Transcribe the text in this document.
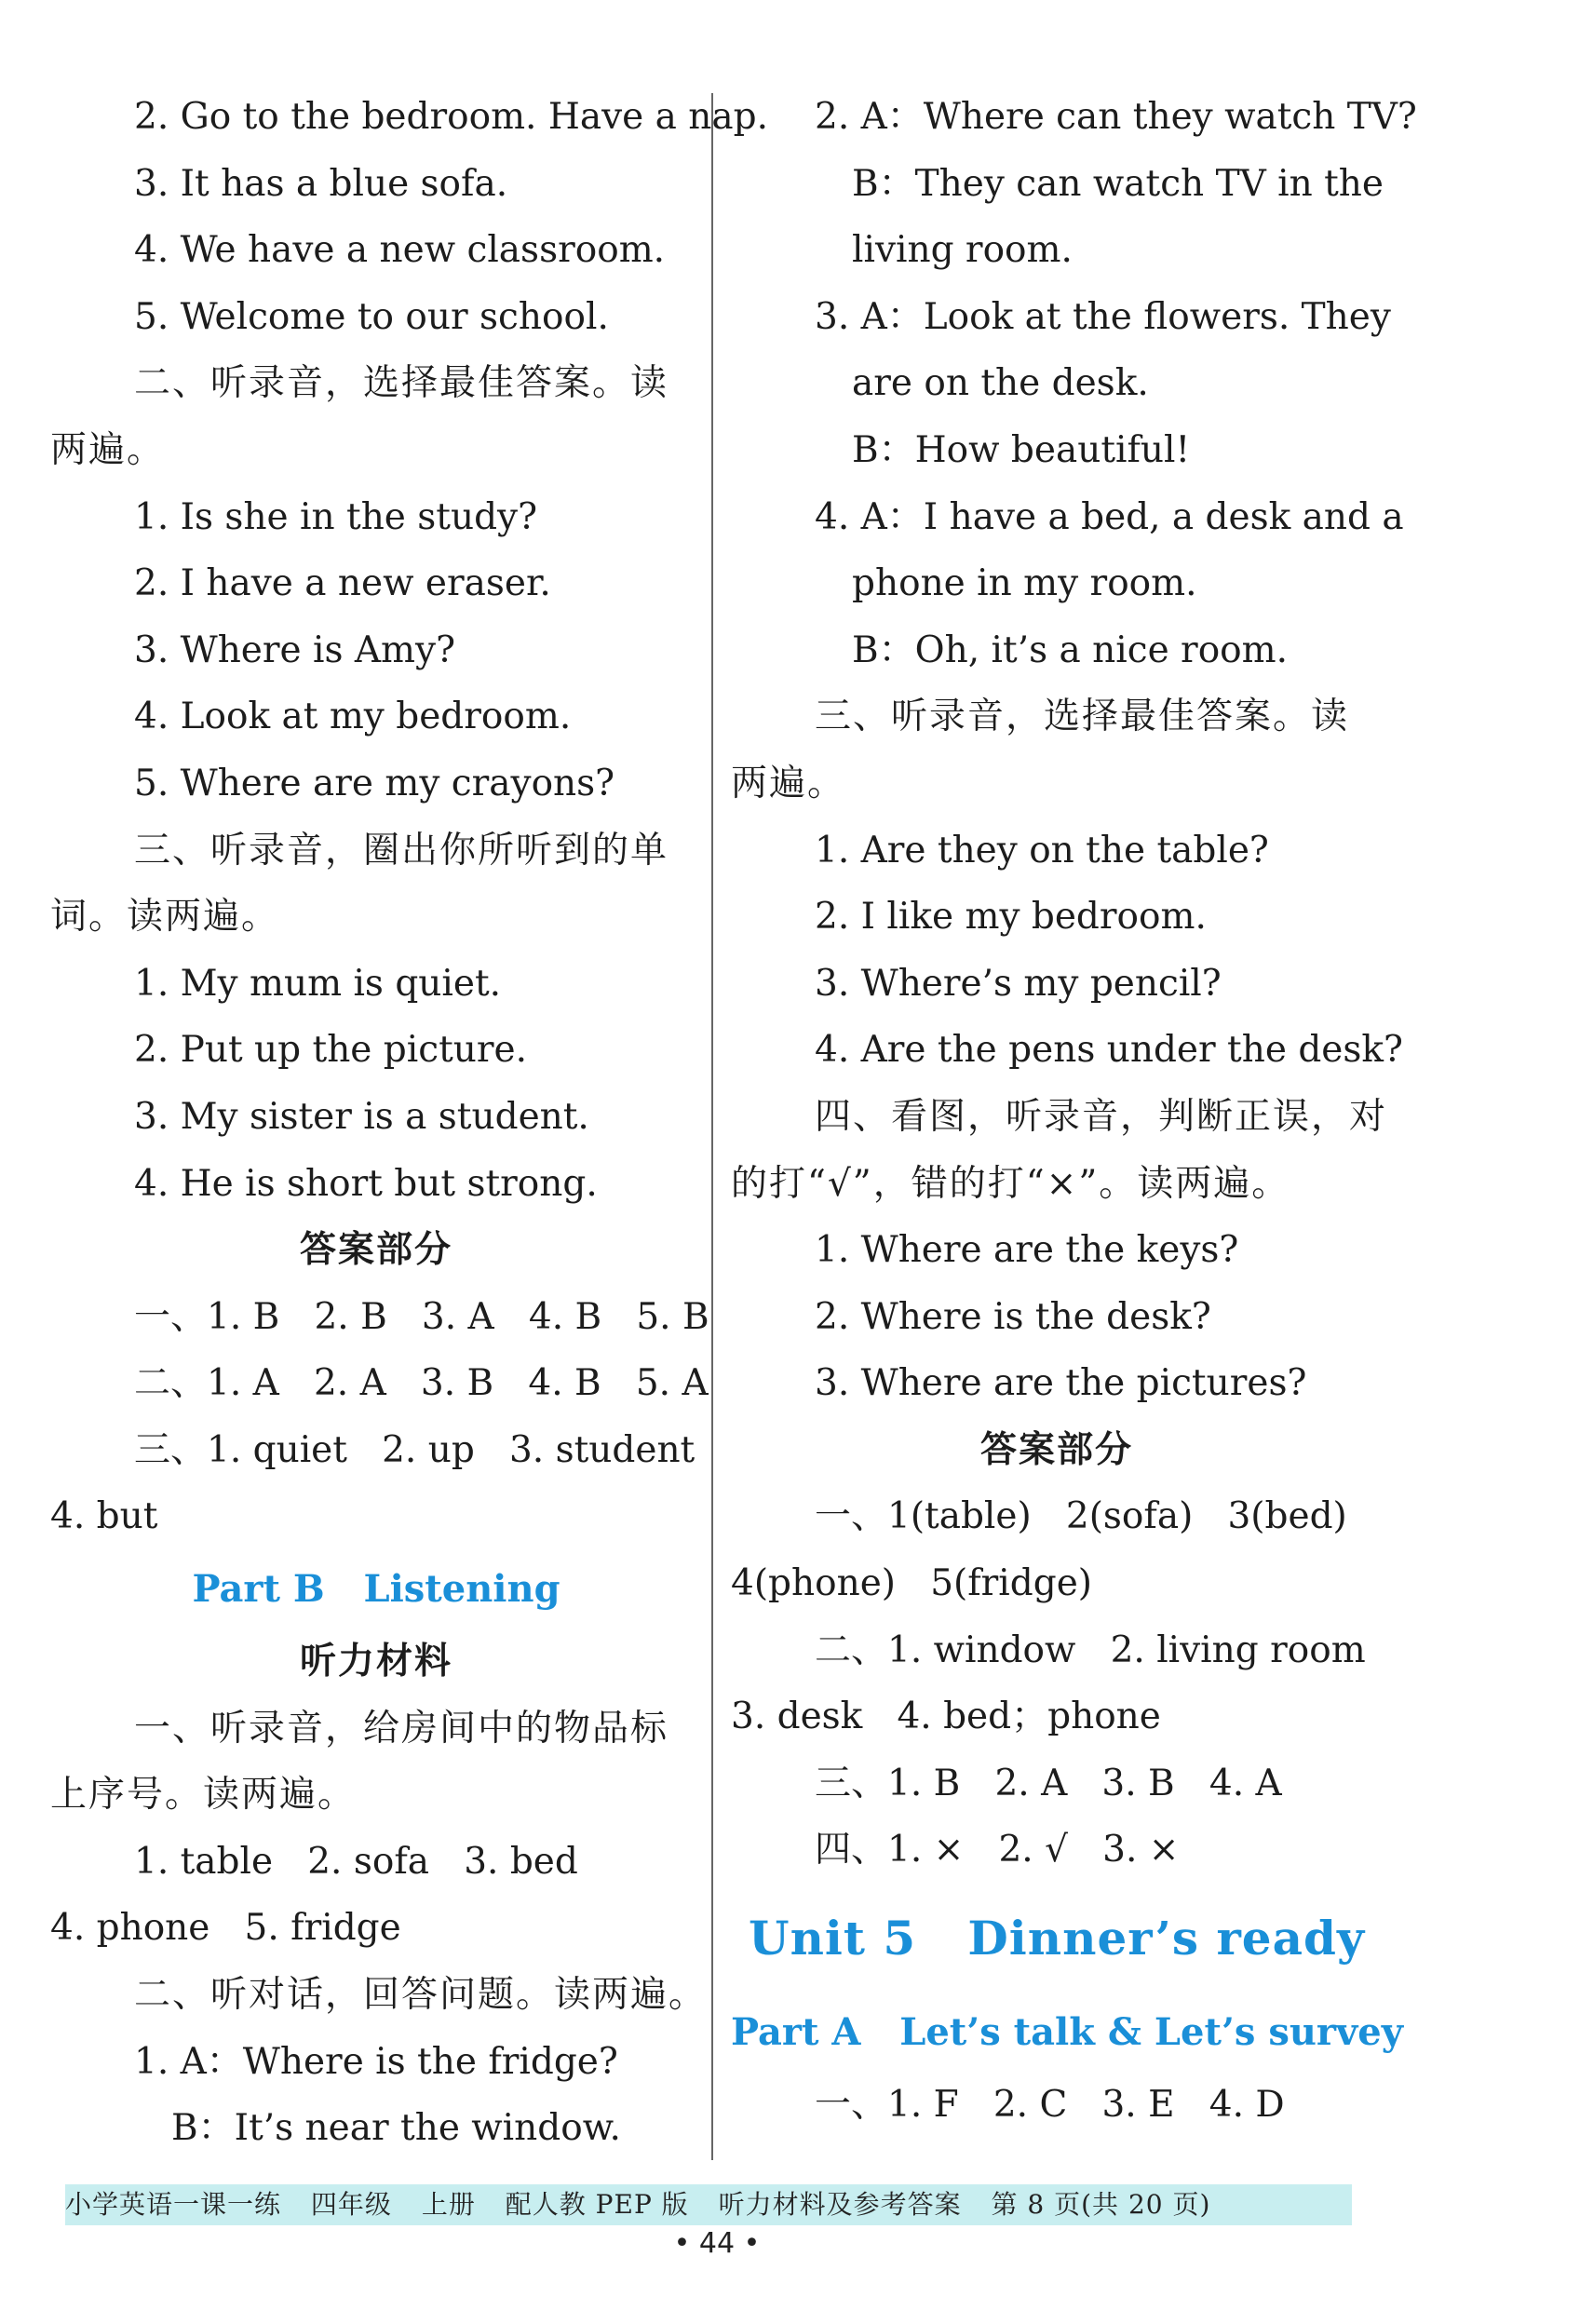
2. Go to the bedroom. Have a nap.
3. It has a blue sofa.
4. We have a new classroom.
5. Welcome to our school.
二、听录音，选择最佳答案。读
两遍。
1. Is she in the study?
2. I have a new eraser.
3. Where is Amy?
4. Look at my bedroom.
5. Where are my crayons?
三、听录音，圈出你所听到的单
词。读两遍。
1. My mum is quiet.
2. Put up the picture.
3. My sister is a student.
4. He is short but strong.
答案部分
一、1. B   2. B   3. A   4. B   5. B
二、1. A   2. A   3. B   4. B   5. A
三、1. quiet   2. up   3. student
4. but
Part B   Listening
听力材料
一、听录音，给房间中的物品标
上序号。读两遍。
1. table   2. sofa   3. bed
4. phone   5. fridge
二、听对话，回答问题。读两遍。
1. A：Where is the fridge?
B：It’s near the window.
2. A：Where can they watch TV?
B：They can watch TV in the
living room.
3. A：Look at the flowers. They
are on the desk.
B：How beautiful!
4. A：I have a bed, a desk and a
phone in my room.
B：Oh, it’s a nice room.
三、听录音，选择最佳答案。读
两遍。
1. Are they on the table?
2. I like my bedroom.
3. Where’s my pencil?
4. Are the pens under the desk?
四、看图，听录音，判断正误，对
的打“√”，错的打“×”。读两遍。
1. Where are the keys?
2. Where is the desk?
3. Where are the pictures?
答案部分
一、1(table)   2(sofa)   3(bed)
4(phone)   5(fridge)
二、1. window   2. living room
3. desk   4. bed；phone
三、1. B   2. A   3. B   4. A
四、1. ×   2. √   3. ×
Unit 5   Dinner’s ready
Part A   Let’s talk & Let’s survey
一、1. F   2. C   3. E   4. D
小学英语一课一练 四年级 上册 配人教 PEP 版 听力材料及参考答案 第 8 页(共 20 页)
• 44 •
